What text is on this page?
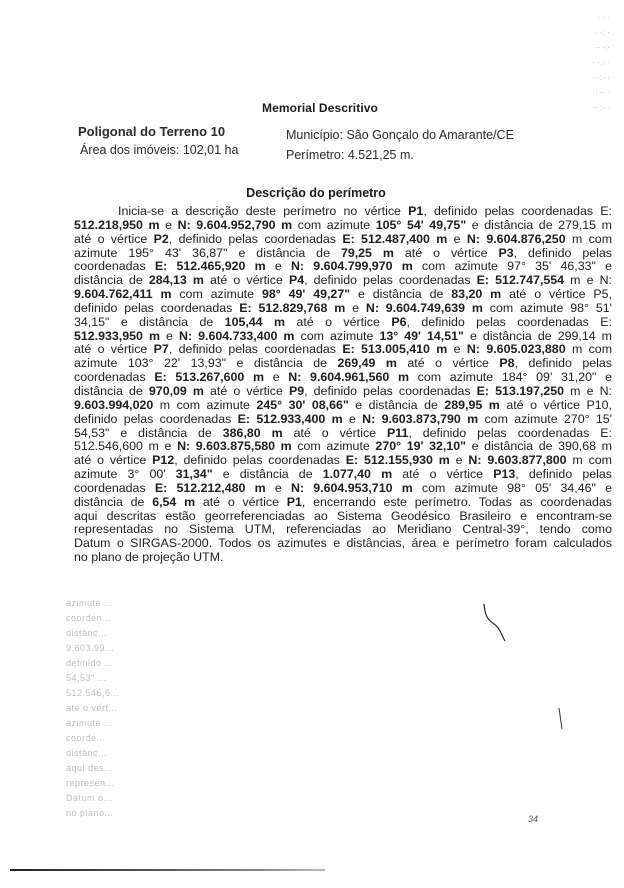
Memorial Descritivo
Poligonal do Terreno 10
Área dos imóveis: 102,01 ha
Município: São Gonçalo do Amarante/CE
Perímetro: 4.521,25 m.
Descrição do perímetro
Inicia-se a descrição deste perímetro no vértice P1, definido pelas coordenadas E:
512.218,950 m e N: 9.604.952,790 m com azimute 105° 54' 49,75" e distância de 279,15 m
até o vértice P2, definido pelas coordenadas E: 512.487,400 m e N: 9.604.876,250 m com
azimute 195° 43' 36,87" e distância de 79,25 m até o vértice P3, definido pelas
coordenadas E: 512.465,920 m e N: 9.604.799,970 m com azimute 97° 35' 46,33" e
distância de 284,13 m até o vértice P4, definido pelas coordenadas E: 512.747,554 m e N:
9.604.762,411 m com azimute 98° 49' 49,27" e distância de 83,20 m até o vértice P5,
definido pelas coordenadas E: 512.829,768 m e N: 9.604.749,639 m com azimute 98° 51'
34,15" e distância de 105,44 m até o vértice P6, definido pelas coordenadas E:
512.933,950 m e N: 9.604.733,400 m com azimute 13° 49' 14,51" e distância de 299,14 m
até o vértice P7, definido pelas coordenadas E: 513.005,410 m e N: 9.605.023,880 m com
azimute 103° 22' 13,93" e distância de 269,49 m até o vértice P8, definido pelas
coordenadas E: 513.267,600 m e N: 9.604.961,560 m com azimute 184° 09' 31,20" e
distância de 970,09 m até o vértice P9, definido pelas coordenadas E: 513.197,250 m e N:
9.603.994,020 m com azimute 245° 30' 08,66" e distância de 289,95 m até o vértice P10,
definido pelas coordenadas E: 512.933,400 m e N: 9.603.873,790 m com azimute 270° 15'
54,53" e distância de 386,80 m até o vértice P11, definido pelas coordenadas E:
512.546,600 m e N: 9.603.875,580 m com azimute 270° 19' 32,10" e distância de 390,68 m
até o vértice P12, definido pelas coordenadas E: 512.155,930 m e N: 9.603.877,800 m com
azimute 3° 00' 31,34" e distância de 1.077,40 m até o vértice P13, definido pelas
coordenadas E: 512.212,480 m e N: 9.604.953,710 m com azimute 98° 05' 34,46" e
distância de 6,54 m até o vértice P1, encerrando este perímetro. Todas as coordenadas
aqui descritas estão georreferenciadas ao Sistema Geodésico Brasileiro e encontram-se
representadas no Sistema UTM, referenciadas ao Meridiano Central-39°, tendo como
Datum o SIRGAS-2000. Todos os azimutes e distâncias, área e perímetro foram calculados
no plano de projeção UTM.
azimute ...
coorden...
distânc...
9.603.99...
definido ...
54,53" ...
512.546,6...
até o vért...
azimute ...
coorde...
distânc...
aqui des...
represen...
Datum o...
no plano...
· · ·
· ·: ·
·· ·:·
· ·.· ·
· ·:· ·
·: ·· ·
·· :· ·
34
